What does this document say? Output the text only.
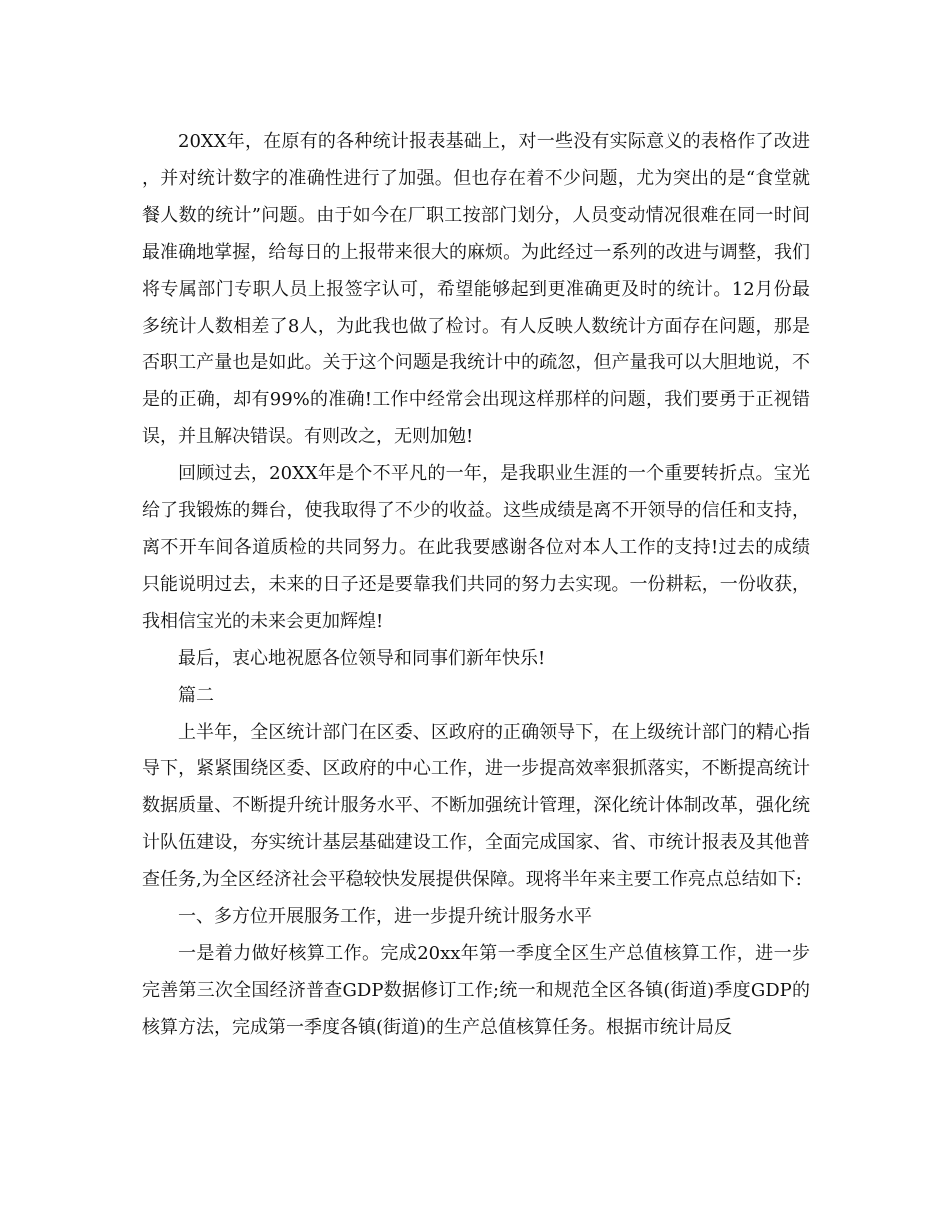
20XX年，在原有的各种统计报表基础上，对一些没有实际意义的表格作了改进，并对统计数字的准确性进行了加强。但也存在着不少问题，尤为突出的是“食堂就餐人数的统计”问题。由于如今在厂职工按部门划分，人员变动情况很难在同一时间最准确地掌握，给每日的上报带来很大的麻烦。为此经过一系列的改进与调整，我们将专属部门专职人员上报签字认可，希望能够起到更准确更及时的统计。12月份最多统计人数相差了8人，为此我也做了检讨。有人反映人数统计方面存在问题，那是否职工产量也是如此。关于这个问题是我统计中的疏忽，但产量我可以大胆地说，不是的正确，却有99%的准确!工作中经常会出现这样那样的问题，我们要勇于正视错误，并且解决错误。有则改之，无则加勉!

回顾过去，20XX年是个不平凡的一年，是我职业生涯的一个重要转折点。宝光给了我锻炼的舞台，使我取得了不少的收益。这些成绩是离不开领导的信任和支持，离不开车间各道质检的共同努力。在此我要感谢各位对本人工作的支持!过去的成绩只能说明过去，未来的日子还是要靠我们共同的努力去实现。一份耕耘，一份收获，我相信宝光的未来会更加辉煌!

最后，衷心地祝愿各位领导和同事们新年快乐!

篇二

上半年，全区统计部门在区委、区政府的正确领导下，在上级统计部门的精心指导下，紧紧围绕区委、区政府的中心工作，进一步提高效率狠抓落实，不断提高统计数据质量、不断提升统计服务水平、不断加强统计管理，深化统计体制改革，强化统计队伍建设，夯实统计基层基础建设工作，全面完成国家、省、市统计报表及其他普查任务,为全区经济社会平稳较快发展提供保障。现将半年来主要工作亮点总结如下:

一、多方位开展服务工作，进一步提升统计服务水平

一是着力做好核算工作。完成20xx年第一季度全区生产总值核算工作，进一步完善第三次全国经济普查GDP数据修订工作;统一和规范全区各镇(街道)季度GDP的核算方法，完成第一季度各镇(街道)的生产总值核算任务。根据市统计局反
